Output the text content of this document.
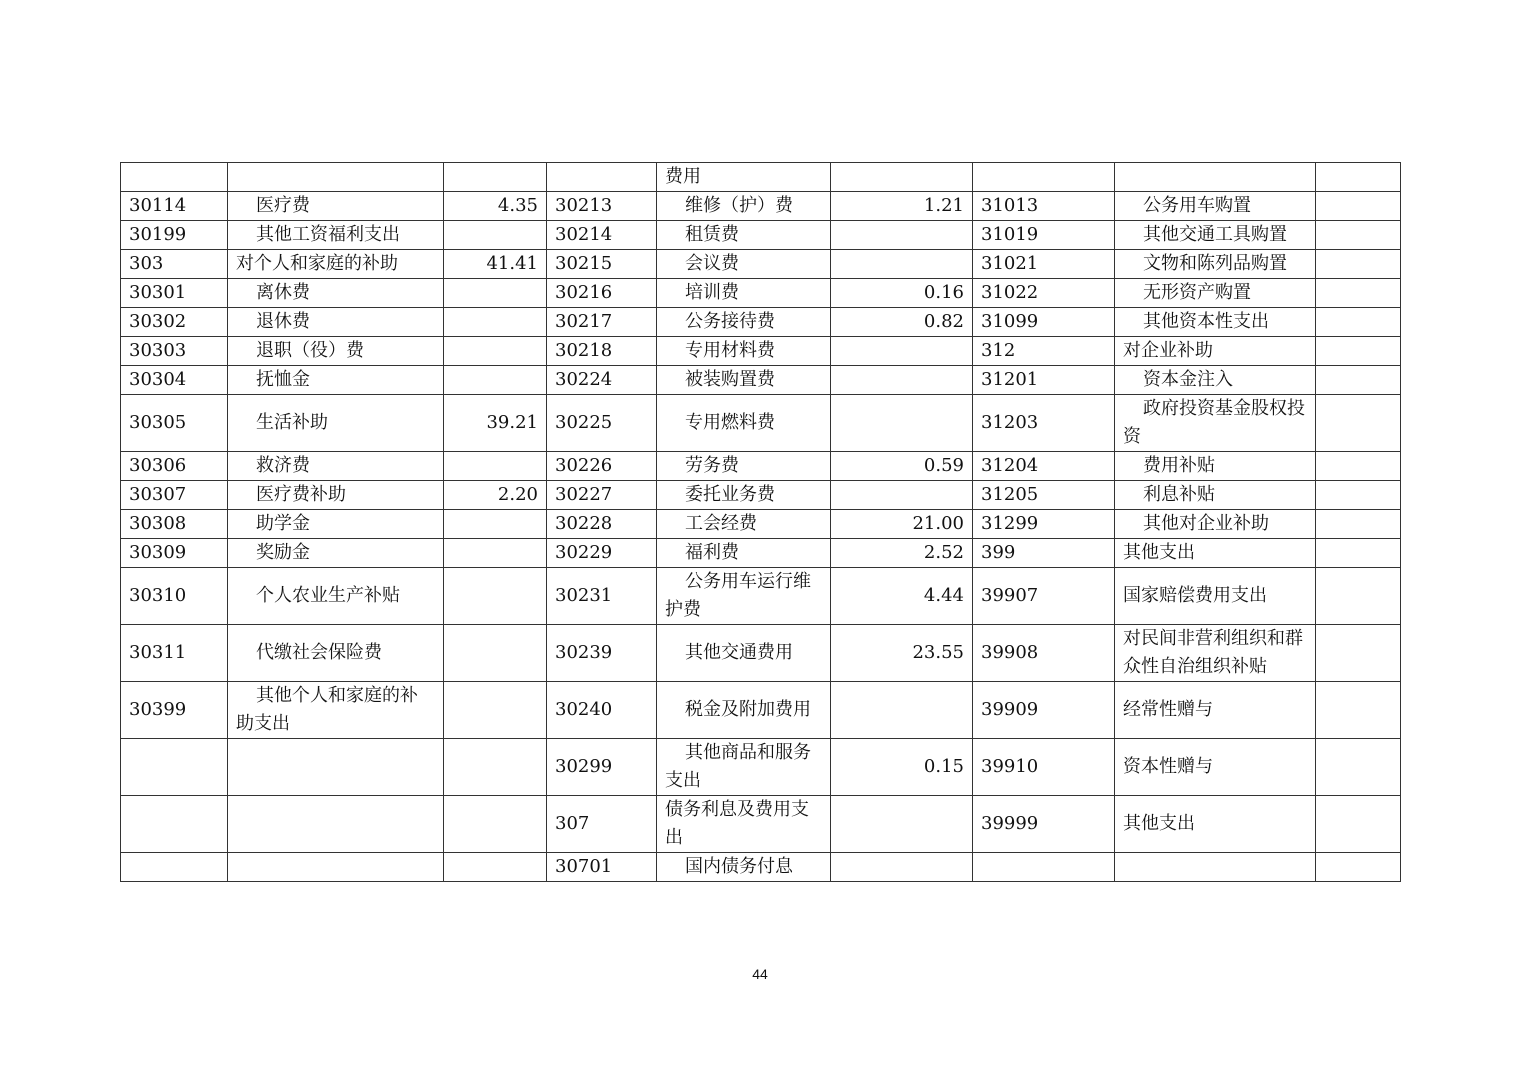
				费用				
30114	医疗费	4.35	30213	维修（护）费	1.21	31013	公务用车购置	
30199	其他工资福利支出		30214	租赁费		31019	其他交通工具购置	
303	对个人和家庭的补助	41.41	30215	会议费		31021	文物和陈列品购置	
30301	离休费		30216	培训费	0.16	31022	无形资产购置	
30302	退休费		30217	公务接待费	0.82	31099	其他资本性支出	
30303	退职（役）费		30218	专用材料费		312	对企业补助	
30304	抚恤金		30224	被装购置费		31201	资本金注入	
30305	生活补助	39.21	30225	专用燃料费		31203	政府投资基金股权投资	
30306	救济费		30226	劳务费	0.59	31204	费用补贴	
30307	医疗费补助	2.20	30227	委托业务费		31205	利息补贴	
30308	助学金		30228	工会经费	21.00	31299	其他对企业补助	
30309	奖励金		30229	福利费	2.52	399	其他支出	
30310	个人农业生产补贴		30231	公务用车运行维护费	4.44	39907	国家赔偿费用支出	
30311	代缴社会保险费		30239	其他交通费用	23.55	39908	对民间非营利组织和群众性自治组织补贴	
30399	其他个人和家庭的补助支出		30240	税金及附加费用		39909	经常性赠与	
			30299	其他商品和服务支出	0.15	39910	资本性赠与	
			307	债务利息及费用支出		39999	其他支出	
			30701	国内债务付息				
44
